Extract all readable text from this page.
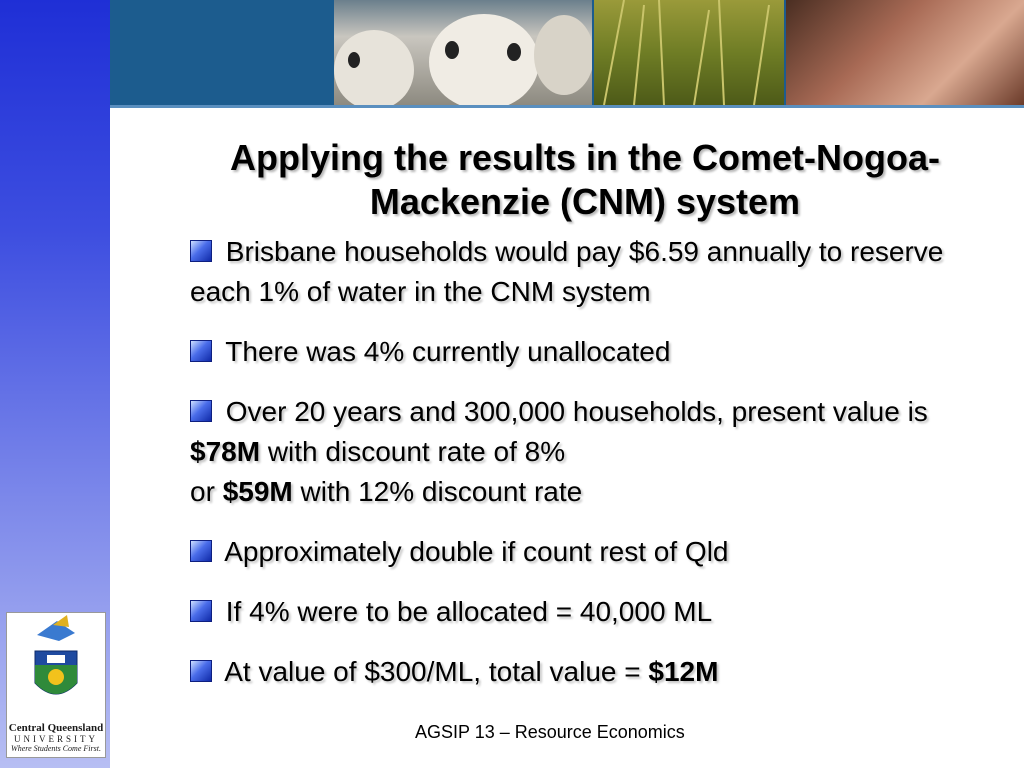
Applying the results in the Comet-Nogoa-Mackenzie (CNM) system
Brisbane households would pay $6.59 annually to reserve each 1% of water in the CNM system
There was 4% currently unallocated
Over 20 years and 300,000 households, present value is $78M with discount rate of 8%
or $59M with 12% discount rate
Approximately double if count rest of Qld
If 4% were to be allocated = 40,000 ML
At value of $300/ML, total value = $12M
AGSIP 13 – Resource Economics
Central Queensland
UNIVERSITY
Where Students Come First.
